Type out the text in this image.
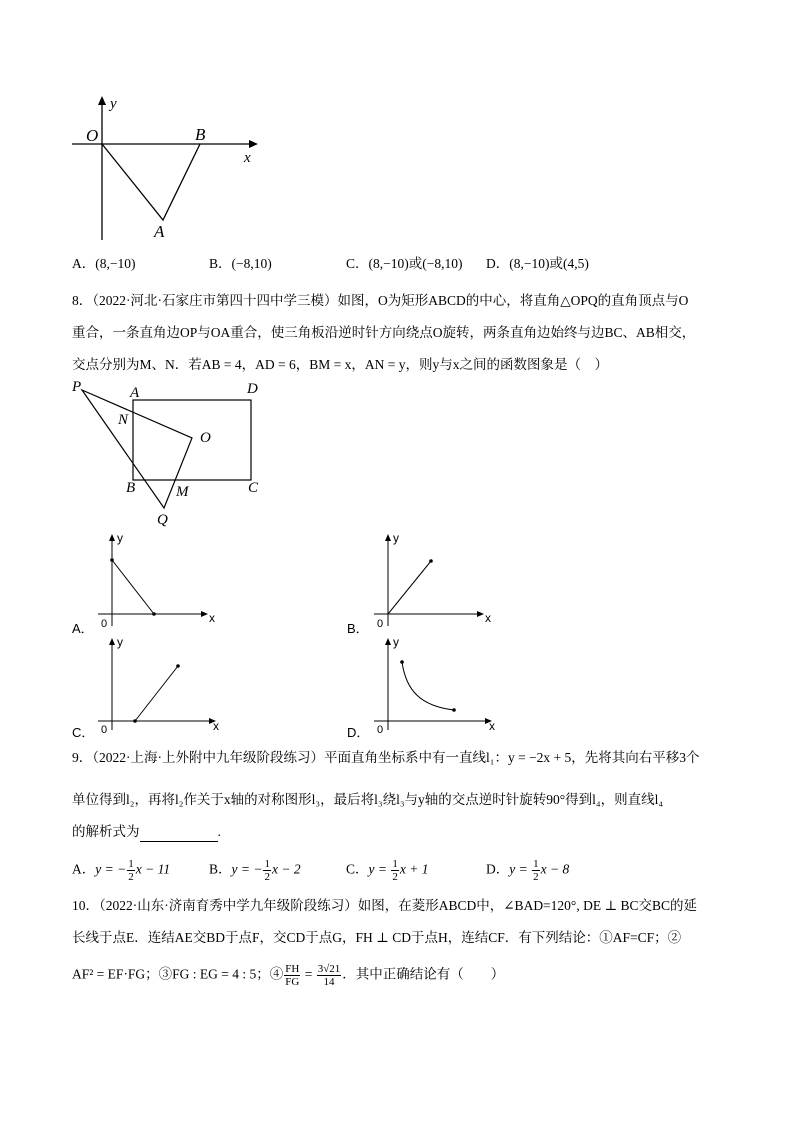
y
O	B
x
A
A．(8,−10)	B．(−8,10)	C．(8,−10)或(−8,10) D．(8,−10)或(4,5)
8．（2022·河北·石家庄市第四十四中学三模）如图，O为矩形ABCD的中心，将直角△OPQ的直角顶点与O
重合，一条直角边OP与OA重合，使三角板沿逆时针方向绕点O旋转，两条直角边始终与边BC、AB相交，
交点分别为M、N．若AB = 4，AD = 6，BM = x，AN = y，则y与x之间的函数图象是（　）
P	A	D
N
O
B	M	C
Q
A．
y
x
0	B．
y
x
0
C．
y
x
0	D．
y
x
0
9．（2022·上海·上外附中九年级阶段练习）平面直角坐标系中有一直线l₁：y = −2x + 5，先将其向右平移3个
单位得到l₂，再将l₂作关于x轴的对称图形l₃，最后将l₃绕l₃与y轴的交点逆时针旋转90°得到l₄，则直线l₄
的解析式为	.
A．y = − $\frac{1}{2}$ x − 11	B．y = − $\frac{1}{2}$ x − 2	C．$y = \frac{1}{2}$ x + 1	D．$y = \frac{1}{2}$ x − 8
10．（2022·山东·济南育秀中学九年级阶段练习）如图，在菱形ABCD中，∠BAD=120°, DE ⊥ BC交BC的延
长线于点E．连结AE交BD于点F，交CD于点G，FH ⊥ CD于点H，连结CF．有下列结论：①AF=CF；②
AF² = EF·FG；③FG : EG = 4 : 5；④ $\frac{FH}{FG} = \frac{3√21}{14}$ ．其中正确结论有（　　）
